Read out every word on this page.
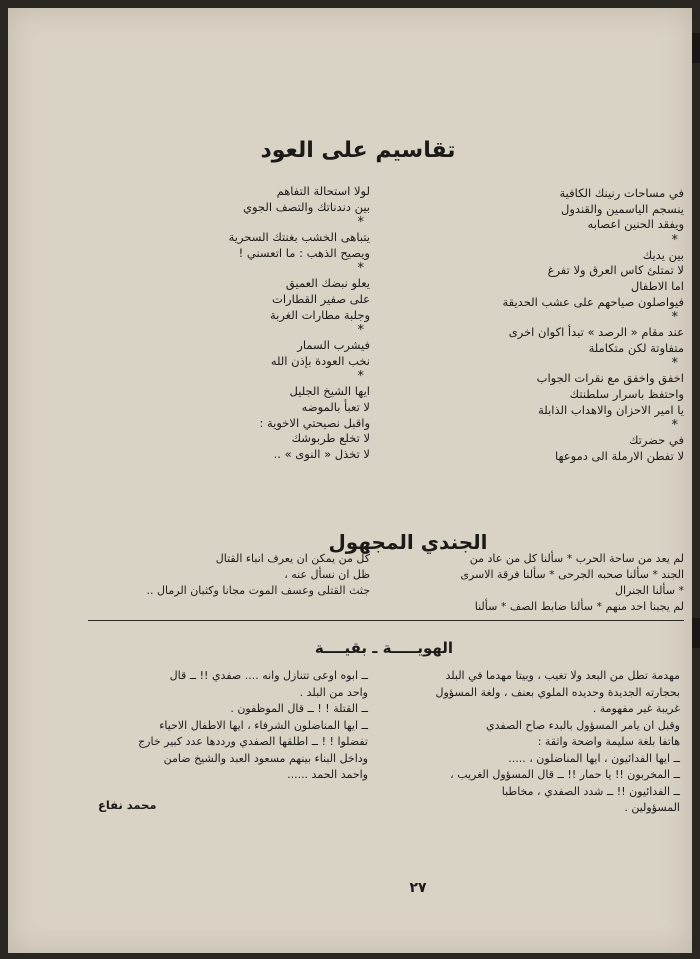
تقاسيم على العود
في مساحات رنينك الكافية
ينسجم الياسمين والقندول
ويفقد الحنين اعصابه
*
بين يديك
لا تمتلئ كاس العرق ولا تفرغ
اما الاطفال
فيواصلون صياحهم على عشب الحديقة
*
عند مقام « الرصد » تبدأ اكوان اخرى
متفاوتة لكن متكاملة
*
اخفق واخفق مع نقرات الجواب
واحتفظ باسرار سلطنتك
يا امير الاحزان والاهداب الذابلة
*
في حضرتك
لا تفطن الارملة الى دموعها
لولا استحالة التفاهم
بين دندناتك والتصف الجوي
*
يتباهى الخشب بغنتك السحرية
ويصيح الذهب : ما اتعسني !
*
يعلو نبضك العميق
على صفير القطارات
وجلبة مطارات الغربة
*
فيشرب السمار
نخب العودة بإذن الله
*
ايها الشيخ الجليل
لا تعبأ بالموضه
واقبل نصيحتي الاخوية :
لا تخلع طربوشك
لا تخذل « النوى » ..
الجندي المجهول
لم يعد من ساحة الحرب * سألنا كل من عاد من
الجند * سألنا صحبه الجرحى * سألنا فرقة الاسرى
* سألنا الجنرال
لم يجبنا احد منهم * سألنا ضابط الصف * سألنا
كل من يمكن ان يعرف انباء القتال
ظل ان نسأل عنه ،
جثث القتلى وعسف الموت مجانا وكثبان الرمال ..
الهويـــــة ـ بقيــــة
مهدمة تطل من البعد ولا تغيب ، وبيتا مهدما في البلد
بحجارته الجديدة وحديده الملوي بعنف ، ولغة المسؤول
غريبة غير مفهومة .
وقبل ان يامر المسؤول بالبدء صاح الصفدي
هاتفا بلغة سليمة واضحة واثقة :
ــ ايها الفدائيون ، ايها المناضلون ، .....
ــ المخربون !! يا حمار !! ــ قال المسؤول الغريب ،
ــ الفدائيون !! ــ شدد الصفدي ، مخاطبا
المسؤولين .
ــ ابوه اوعى تتنازل وانه .... صفدي !! ــ قال
واحد من البلد .
ــ القتلة ! ! ــ قال الموظفون .
ــ ايها المناضلون الشرفاء ، ايها الاطفال الاحياء
تفضلوا ! ! ــ اطلقها الصفدي ورددها عدد كبير خارج
وداخل البناء بينهم مسعود العبد والشيخ ضامن
واحمد الحمد ......
محمد نفاع
٢٧
